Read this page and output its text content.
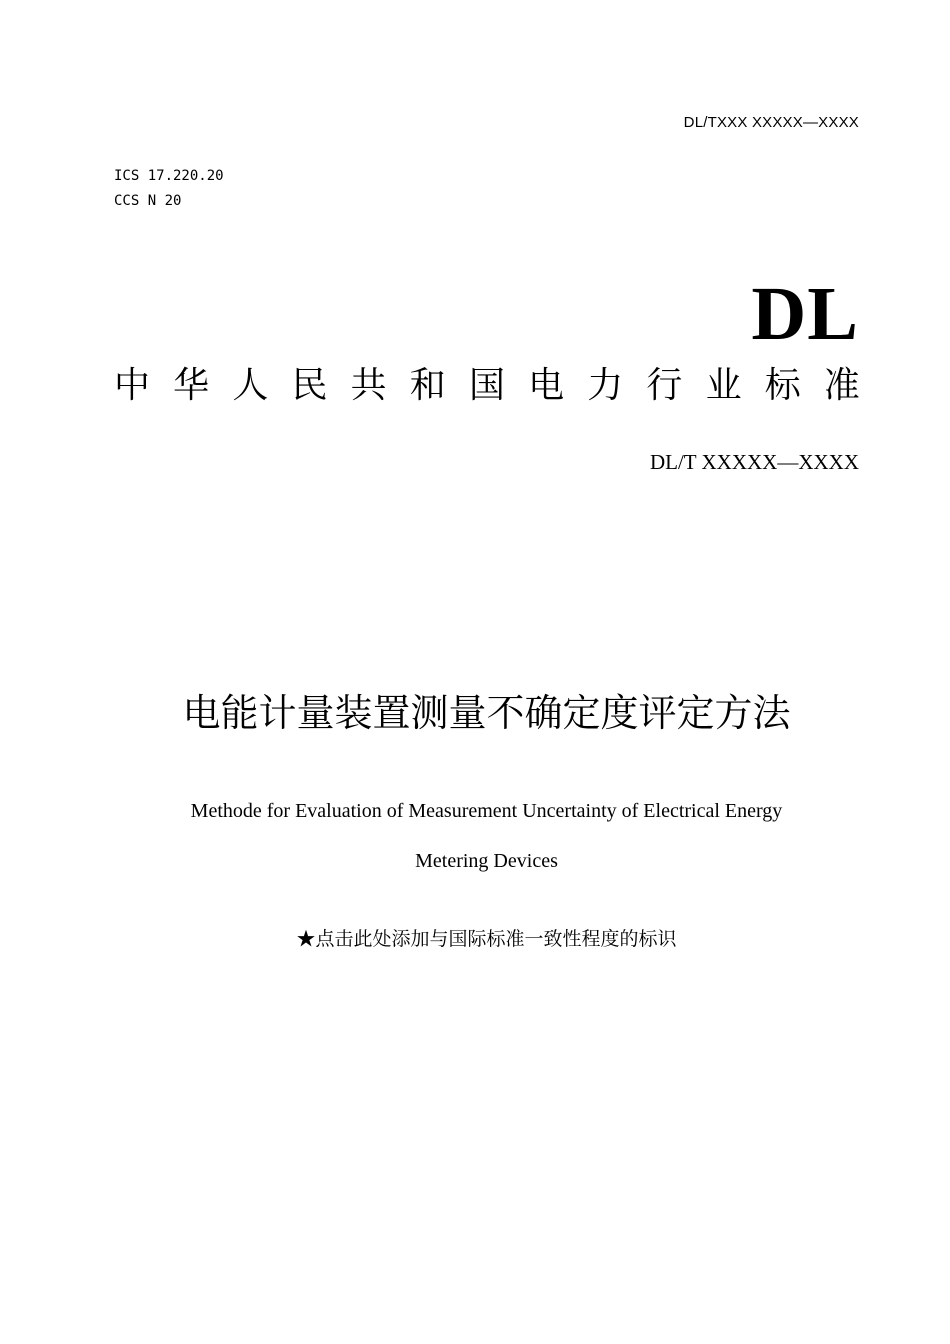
DL/TXXX XXXXX—XXXX
ICS 17.220.20
CCS N 20
DL
中 华 人 民 共 和 国 电 力 行 业 标 准
DL/T XXXXX—XXXX
电能计量装置测量不确定度评定方法
Methode for Evaluation of Measurement Uncertainty of Electrical Energy
Metering Devices
★点击此处添加与国际标准一致性程度的标识
